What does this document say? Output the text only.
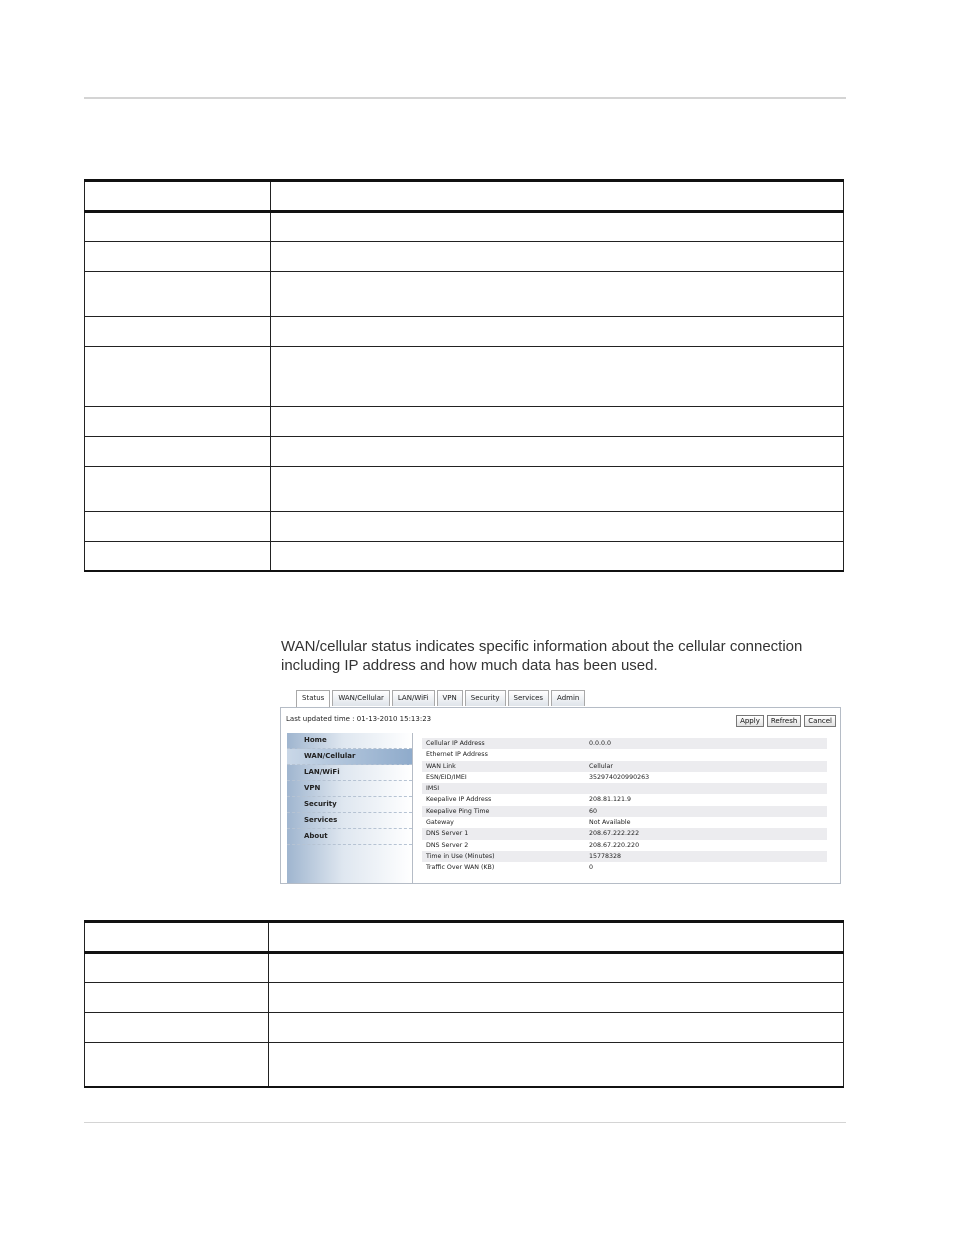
WAN/cellular status indicates specific information about the cellular connection including IP address and how much data has been used.
Status	WAN/Cellular	LAN/WiFi	VPN	Security	Services	Admin
Last updated time : 01-13-2010 15:13:23	Apply	Refresh	Cancel
Home
WAN/Cellular
LAN/WiFi
VPN
Security
Services
About
Cellular IP Address	0.0.0.0
Ethernet IP Address
WAN Link	Cellular
ESN/EID/IMEI	352974020990263
IMSI
Keepalive IP Address	208.81.121.9
Keepalive Ping Time	60
Gateway	Not Available
DNS Server 1	208.67.222.222
DNS Server 2	208.67.220.220
Time in Use (Minutes)	15778328
Traffic Over WAN (KB)	0
